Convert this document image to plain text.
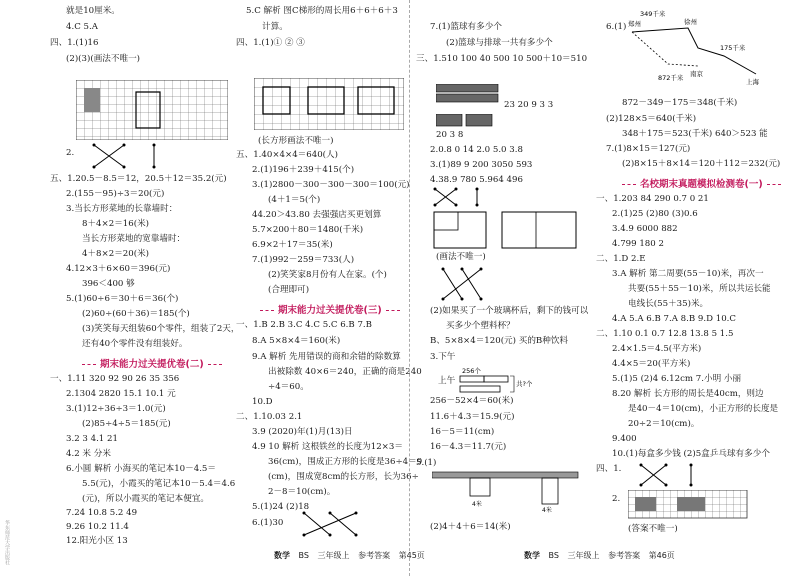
就是10厘米。
4.C 5.A
四、1.(1)16
(2)(3)(画法不唯一)
2.
五、1.20.5－8.5＝12，20.5＋12＝35.2(元)
2.(155－95)÷3＝20(元)
3.当长方形菜地的长靠墙时：
8＋4×2＝16(米)
当长方形菜地的宽靠墙时：
4＋8×2＝20(米)
4.12×3＋6×60＝396(元)
396＜400 够
5.(1)60÷6＝30＋6＝36(个)
(2)60÷(60＋36)＝185(个)
(3)笑笑每天组装60个零件，组装了2天，
还有40个零件没有组装好。
期末能力过关提优卷(二)
一、1.11 320 92 90 26 35 356
2.1304 2820 15.1 10.1 元
3.(1)12÷36÷3＝1.0(元)
(2)85÷4÷5＝185(元)
3.2 3 4.1 21
4.2 米 分米
6.小圆 解析 小海买的笔记本10－4.5＝
5.5(元)，小霞买的笔记本10－5.4＝4.6
(元)，所以小霞买的笔记本便宜。
7.24 10.8 5.2 49
9.26 10.2 11.4
12.阳光小区 13
5.C 解析 图C梯形的周长用6＋6＋6＋3
计算。
四、1.(1)① ② ③
(长方形画法不唯一)
五、1.40×4×4＝640(人)
2.(1)196＋239＋415(个)
3.(1)2800－300－300－300＝100(元)
(4＋1＝5(个)
44.20＞43.80 去强强店买更划算
5.7×200＋80＝1480(千米)
6.9×2＋17＝35(米)
7.(1)992－259＝733(人)
(2)笑笑家8月份有人在家。(个)
(合理即可)
期末能力过关提优卷(三)
一、1.B 2.B 3.C 4.C 5.C 6.B 7.B
8.A 5×8×4＝160(米)
9.A 解析 先用错误的商和余错的除数算
出被除数 40×6＝240，正确的商是240
÷4＝60。
10.D
二、1.10.03 2.1
3.9 (2020)年(1)月(13)日
4.9 10 解析 这根铁丝的长度为12×3＝
36(cm)，围成正方形的长度是36÷4＝9
(cm)，围成宽8cm的长方形，长为36÷
2－8＝10(cm)。
5.(1)24 (2)18
6.(1)30
数学 BS 三年级上 参考答案 第45页
7.(1)篮球有多少个
(2)篮球与排球一共有多少个
三、1.510 100 40 500 10 500＋10＝510
23 20 9 3 3
20 3 8
2.0.8 0 14 2.0 5.0 3.8
3.(1)89 9 200 3050 593
4.38.9 780 5.964 496
(画法不唯一)
(2)如果买了一个玻璃杯后，剩下的钱可以
买多少个塑料杯？
B、5×8×4＝120(元) 买的B种饮料
3.下午
上午
256个
共?个
256－52×4＝60(米)
11.6＋4.3＝15.9(元)
16－5＝11(cm)
16－4.3＝11.7(元)
5.(1)
4米
4米
(2)4＋4＋6＝14(米)
6.(1)
349千米
郑州	徐州
175千米
872千米 南京
上海
872－349－175＝348(千米)
(2)128×5＝640(千米)
348＋175＝523(千米) 640＞523 能
7.(1)8×15＝127(元)
(2)8×15＋8×14＝120＋112＝232(元)
名校期末真题模拟检测卷(一)
一、1.203 84 290 0.7 0 21
2.(1)25 (2)80 (3)0.6
3.4.9 6000 882
4.799 180 2
二、1.D 2.E
3.A 解析 第二周要(55－10)米，再次一
共要(55＋55－10)米，所以共运长能
电线长(55＋35)米。
4.A 5.A 6.B 7.A 8.B 9.D 10.C
二、1.10 0.1 0.7 12.8 13.8 5 1.5
2.4×1.5＝4.5(平方米)
4.4×5＝20(平方米)
5.(1)5 (2)4 6.12cm 7.小明 小丽
8.20 解析 长方形的周长是40cm，则边
是40－4＝10(cm)，小正方形的长度是
20÷2＝10(cm)。
9.400
10.(1)每盒多少钱 (2)5盒乒乓球有多少个
四、1.
2.
(答案不唯一)
数学 BS 三年级上 参考答案 第46页
华东师范大学出版社
